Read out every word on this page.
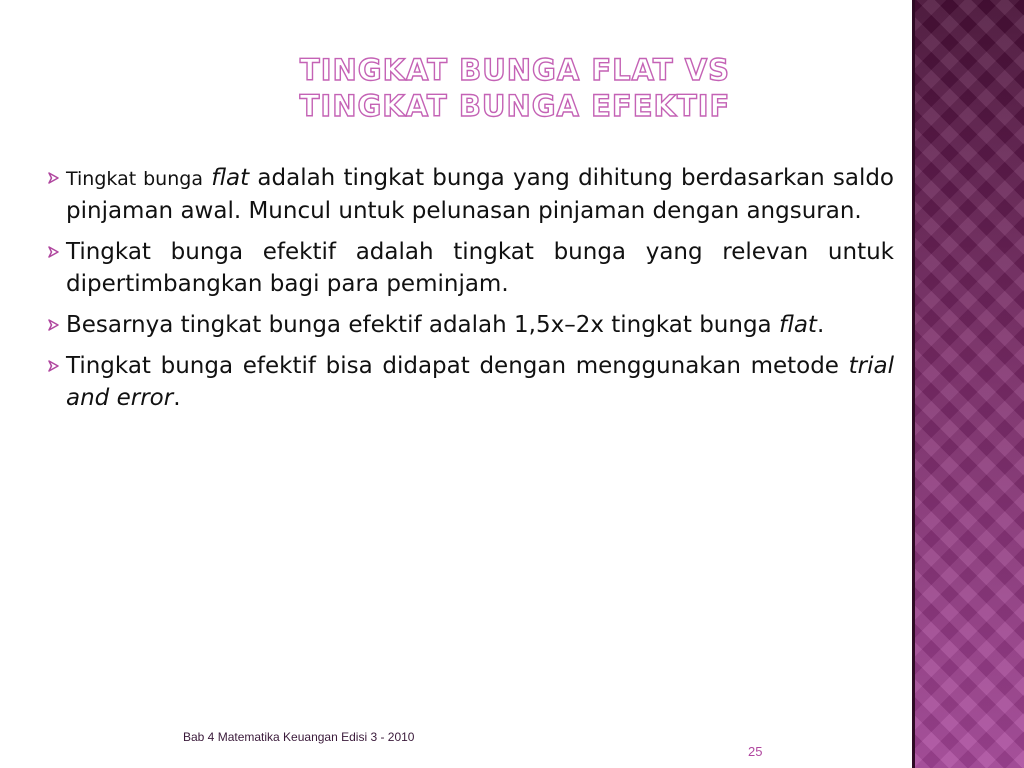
TINGKAT BUNGA FLAT VS
TINGKAT BUNGA EFEKTIF
Tingkat bunga flat adalah tingkat bunga yang dihitung berdasarkan saldo pinjaman awal. Muncul untuk pelunasan pinjaman dengan angsuran.
Tingkat bunga efektif adalah tingkat bunga yang relevan untuk dipertimbangkan bagi para peminjam.
Besarnya tingkat bunga efektif adalah 1,5x–2x tingkat bunga flat.
Tingkat bunga efektif bisa didapat dengan menggunakan metode trial and error.
Bab 4 Matematika Keuangan Edisi 3 - 2010
25
